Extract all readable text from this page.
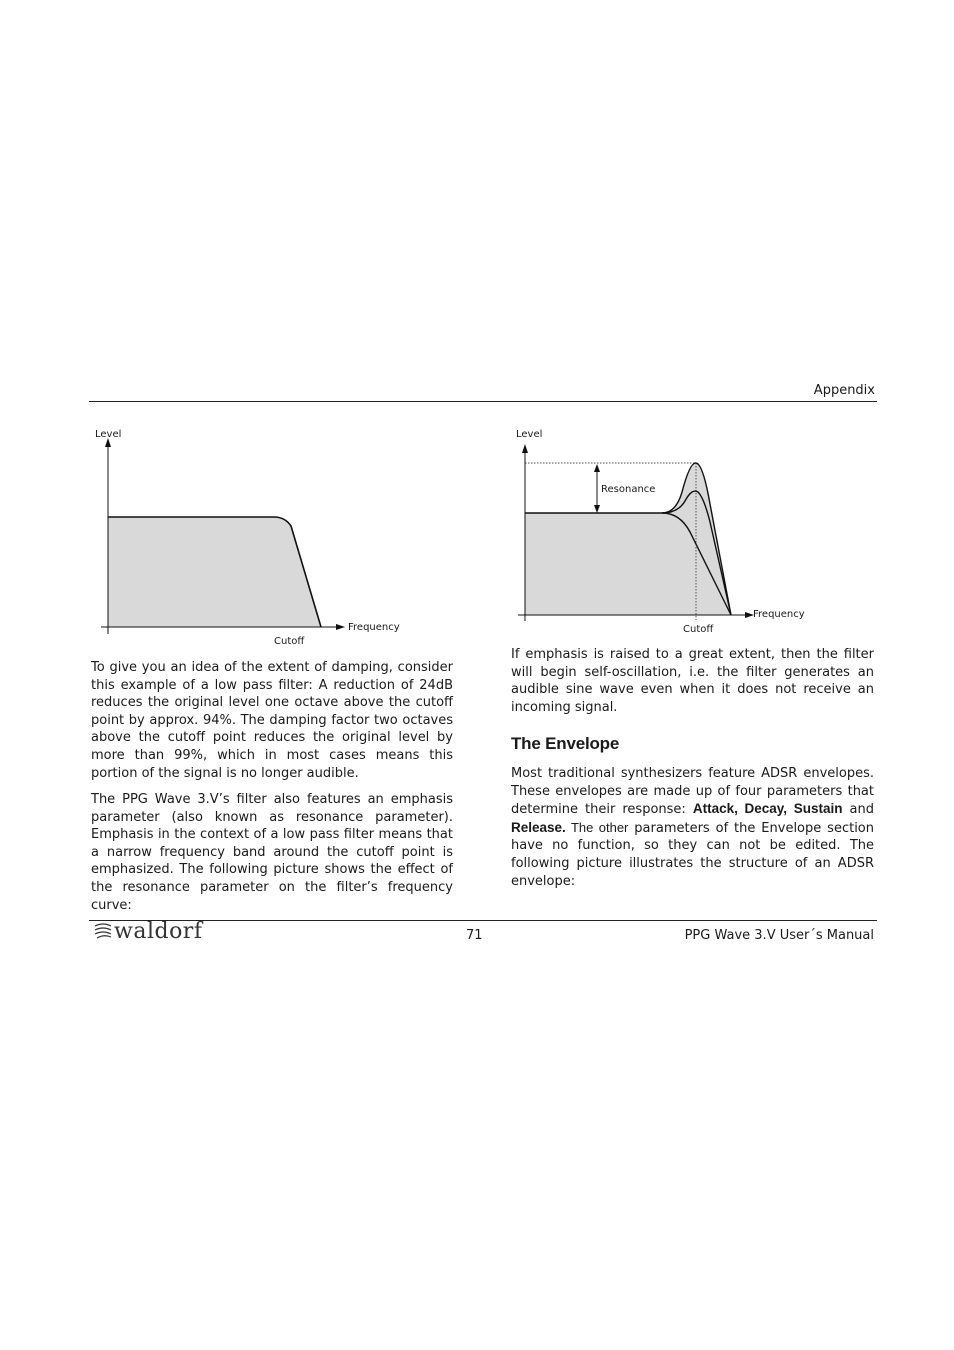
Appendix
Level
Frequency
Cutoff
Level
Resonance
Frequency
Cutoff

To give you an idea of the extent of damping, consider this example of a low pass filter: A reduction of 24dB reduces the original level one octave above the cutoff point by approx. 94%. The damping factor two octaves above the cutoff point reduces the original level by more than 99%, which in most cases means this portion of the signal is no longer audible.

The PPG Wave 3.V’s filter also features an emphasis parameter (also known as resonance parameter). Emphasis in the context of a low pass filter means that a narrow frequency band around the cutoff point is emphasized. The following picture shows the effect of the resonance parameter on the filter’s frequency curve:

If emphasis is raised to a great extent, then the filter will begin self-oscillation, i.e. the filter generates an audible sine wave even when it does not receive an incoming signal.

The Envelope

Most traditional synthesizers feature ADSR envelopes. These envelopes are made up of four parameters that determine their response: Attack, Decay, Sustain and Release. The other parameters of the Envelope section have no function, so they can not be edited. The following picture illustrates the structure of an ADSR envelope:

waldorf	71	PPG Wave 3.V User´s Manual
